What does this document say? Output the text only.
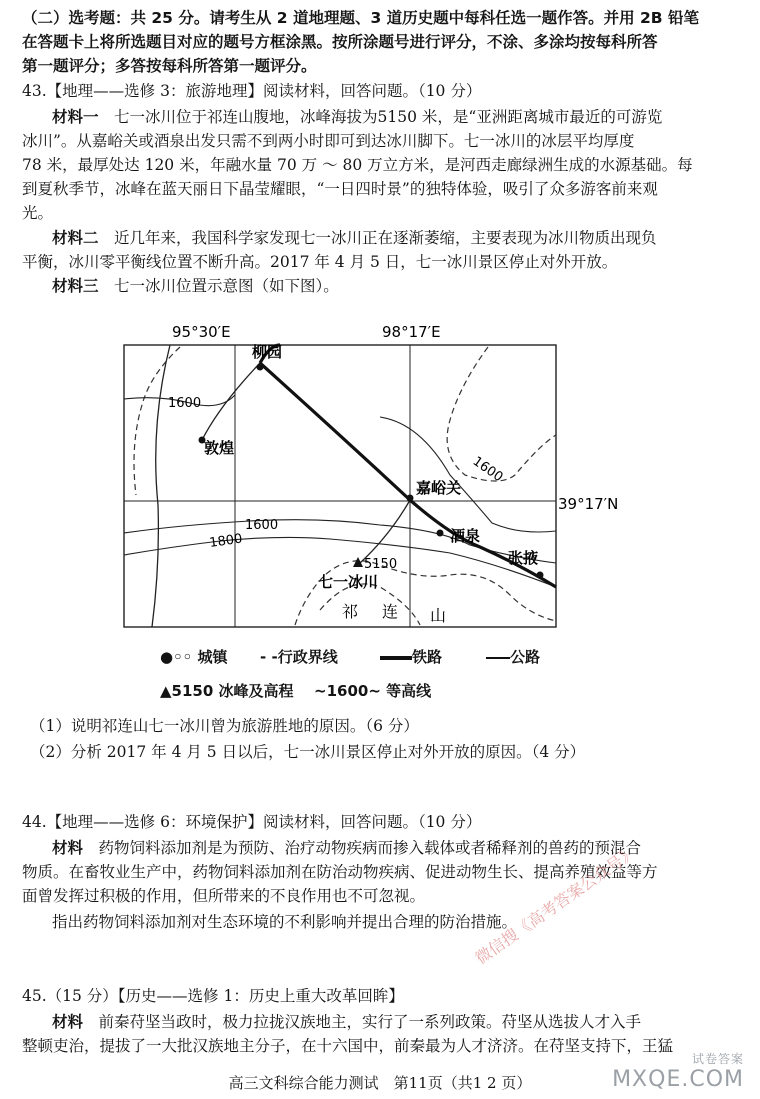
（二）选考题：共 25 分。请考生从 2 道地理题、3 道历史题中每科任选一题作答。并用 2B 铅笔
在答题卡上将所选题目对应的题号方框涂黑。按所涂题号进行评分，不涂、多涂均按每科所答
第一题评分；多答按每科所答第一题评分。
43.【地理——选修 3：旅游地理】阅读材料，回答问题。（10 分）
材料一　 七一冰川位于祁连山腹地，冰峰海拔为5150 米，是“亚洲距离城市最近的可游览
冰川”。从嘉峪关或酒泉出发只需不到两小时即可到达冰川脚下。七一冰川的冰层平均厚度
78 米，最厚处达 120 米，年融水量 70 万 ～ 80 万立方米，是河西走廊绿洲生成的水源基础。每
到夏秋季节，冰峰在蓝天丽日下晶莹耀眼，“一日四时景”的独特体验，吸引了众多游客前来观
光。
材料二　 近几年来，我国科学家发现七一冰川正在逐渐萎缩，主要表现为冰川物质出现负
平衡，冰川零平衡线位置不断升高。2017 年 4 月 5 日，七一冰川景区停止对外开放。
材料三　 七一冰川位置示意图（如下图）。
95°30′E	98°17′E
39°17′N
1600
1600
1600
1800
柳园
敦煌
嘉峪关
酒泉
张掖
5150
七一冰川
祁 连 山
●◦◦ 城镇 - -行政界线	铁路	公路
▲5150 冰峰及高程 ~1600~ 等高线
（1）说明祁连山七一冰川曾为旅游胜地的原因。（6 分）
（2）分析 2017 年 4 月 5 日以后，七一冰川景区停止对外开放的原因。（4 分）
44.【地理——选修 6：环境保护】阅读材料，回答问题。（10 分）
材料　 药物饲料添加剂是为预防、治疗动物疾病而掺入载体或者稀释剂的兽药的预混合
物质。在畜牧业生产中，药物饲料添加剂在防治动物疾病、促进动物生长、提高养殖效益等方
面曾发挥过积极的作用，但所带来的不良作用也不可忽视。
指出药物饲料添加剂对生态环境的不利影响并提出合理的防治措施。
45.（15 分）【历史——选修 1：历史上重大改革回眸】
材料　 前秦苻坚当政时，极力拉拢汉族地主，实行了一系列政策。苻坚从选拔人才入手
整顿吏治，提拔了一大批汉族地主分子，在十六国中，前秦最为人才济济。在苻坚支持下，王猛
微信搜《高考答案公众号》
高三文科综合能力测试　第11页（共1 2 页）
试卷答案
MXQE.COM
